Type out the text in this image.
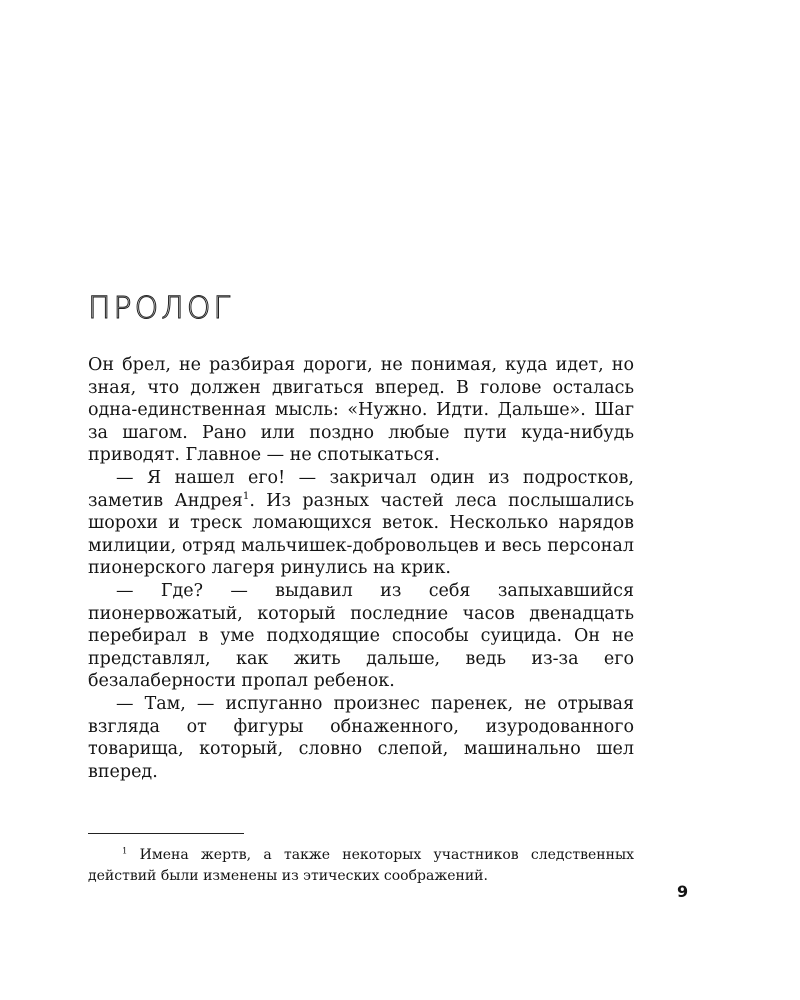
ПРОЛОГ

Он брел, не разбирая дороги, не понимая, куда идет, но зная, что должен двигаться вперед. В голове осталась одна-единственная мысль: «Нужно. Идти. Дальше». Шаг за шагом. Рано или поздно любые пути куда-нибудь приводят. Главное — не спотыкаться.

— Я нашел его! — закричал один из подростков, заметив Андрея$^1$. Из разных частей леса послышались шорохи и треск ломающихся веток. Несколько нарядов милиции, отряд мальчишек-добровольцев и весь персонал пионерского лагеря ринулись на крик.

— Где? — выдавил из себя запыхавшийся пионервожатый, который последние часов двенадцать перебирал в уме подходящие способы суицида. Он не представлял, как жить дальше, ведь из-за его безалаберности пропал ребенок.

— Там, — испуганно произнес паренек, не отрывая взгляда от фигуры обнаженного, изуродованного товарища, который, словно слепой, машинально шел вперед.

$^1$ Имена жертв, а также некоторых участников следственных действий были изменены из этических соображений.

9
